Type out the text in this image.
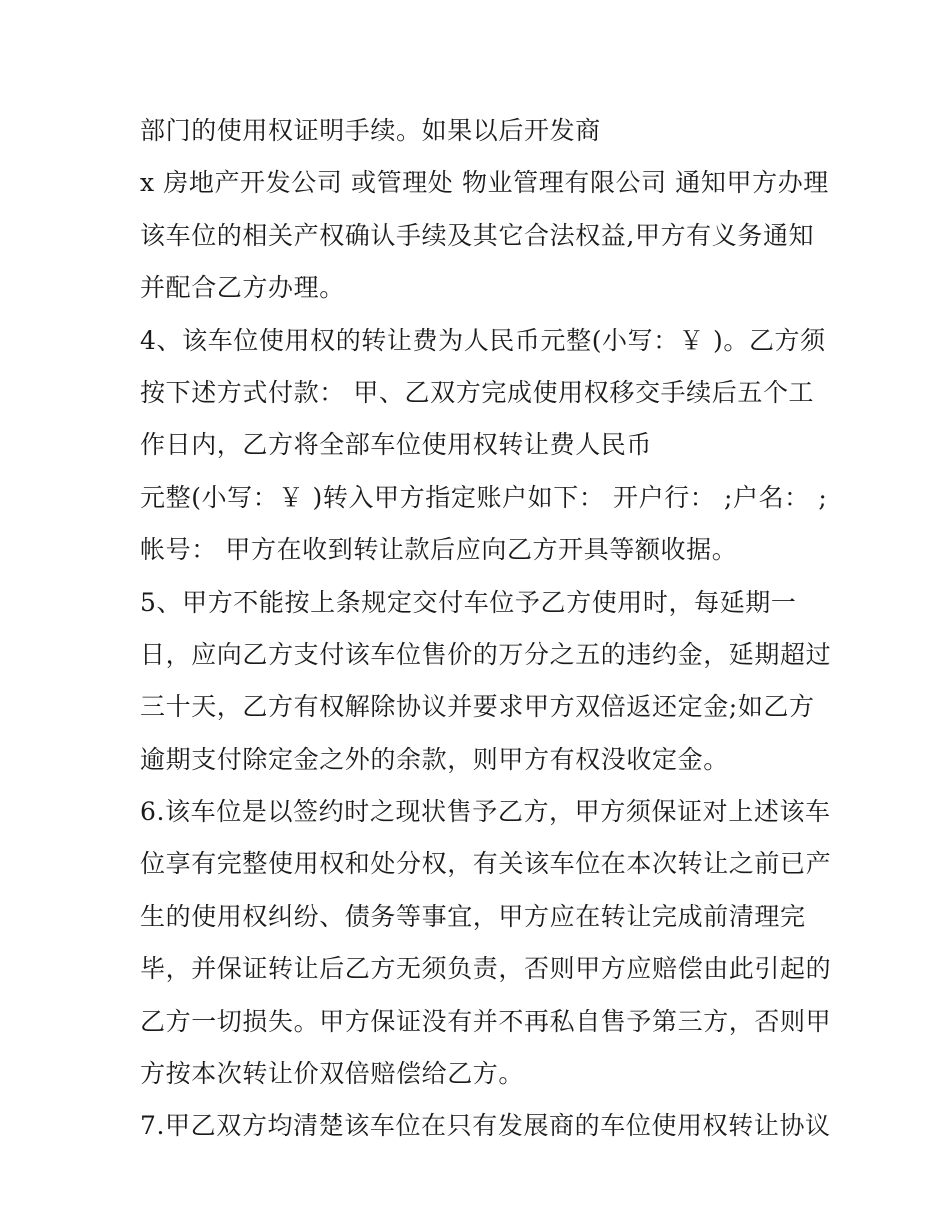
部门的使用权证明手续。如果以后开发商
x 房地产开发公司 或管理处 物业管理有限公司 通知甲方办理
该车位的相关产权确认手续及其它合法权益,甲方有义务通知
并配合乙方办理。
4、该车位使用权的转让费为人民币元整(小写：￥ )。乙方须
按下述方式付款： 甲、乙双方完成使用权移交手续后五个工
作日内，乙方将全部车位使用权转让费人民币
元整(小写：￥ )转入甲方指定账户如下： 开户行： ;户名： ;
帐号： 甲方在收到转让款后应向乙方开具等额收据。
5、甲方不能按上条规定交付车位予乙方使用时，每延期一
日，应向乙方支付该车位售价的万分之五的违约金，延期超过
三十天，乙方有权解除协议并要求甲方双倍返还定金;如乙方
逾期支付除定金之外的余款，则甲方有权没收定金。
6.该车位是以签约时之现状售予乙方，甲方须保证对上述该车
位享有完整使用权和处分权，有关该车位在本次转让之前已产
生的使用权纠纷、债务等事宜，甲方应在转让完成前清理完
毕，并保证转让后乙方无须负责，否则甲方应赔偿由此引起的
乙方一切损失。甲方保证没有并不再私自售予第三方，否则甲
方按本次转让价双倍赔偿给乙方。
7.甲乙双方均清楚该车位在只有发展商的车位使用权转让协议
